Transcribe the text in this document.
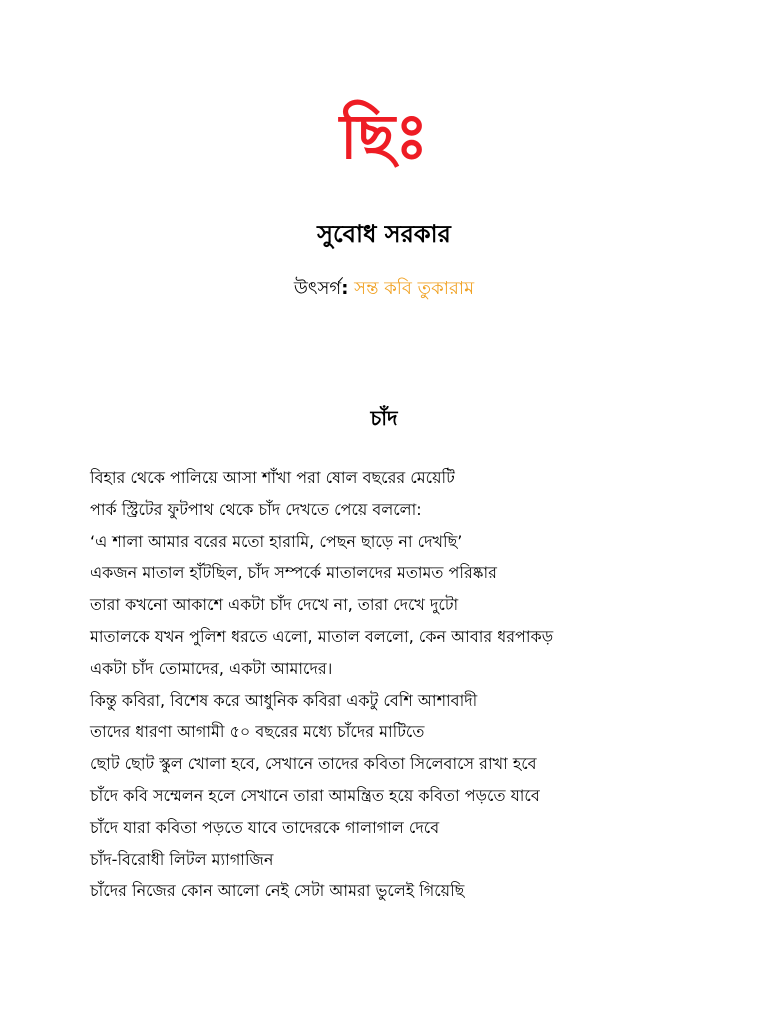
ছিঃ
সুবোধ সরকার
উৎসর্গ: সন্ত কবি তুকারাম
চাঁদ
বিহার থেকে পালিয়ে আসা শাঁখা পরা ষোল বছরের মেয়েটি
পার্ক স্ট্রিটের ফুটপাথ থেকে চাঁদ দেখতে পেয়ে বললো:
‘এ শালা আমার বরের মতো হারামি, পেছন ছাড়ে না দেখছি’
একজন মাতাল হাঁটছিল, চাঁদ সম্পর্কে মাতালদের মতামত পরিষ্কার
তারা কখনো আকাশে একটা চাঁদ দেখে না, তারা দেখে দুটো
মাতালকে যখন পুলিশ ধরতে এলো, মাতাল বললো, কেন আবার ধরপাকড়
একটা চাঁদ তোমাদের, একটা আমাদের।
কিন্তু কবিরা, বিশেষ করে আধুনিক কবিরা একটু বেশি আশাবাদী
তাদের ধারণা আগামী ৫০ বছরের মধ্যে চাঁদের মাটিতে
ছোট ছোট স্কুল খোলা হবে, সেখানে তাদের কবিতা সিলেবাসে রাখা হবে
চাঁদে কবি সম্মেলন হলে সেখানে তারা আমন্ত্রিত হয়ে কবিতা পড়তে যাবে
চাঁদে যারা কবিতা পড়তে যাবে তাদেরকে গালাগাল দেবে
চাঁদ-বিরোধী লিটল ম্যাগাজিন
চাঁদের নিজের কোন আলো নেই সেটা আমরা ভুলেই গিয়েছি
